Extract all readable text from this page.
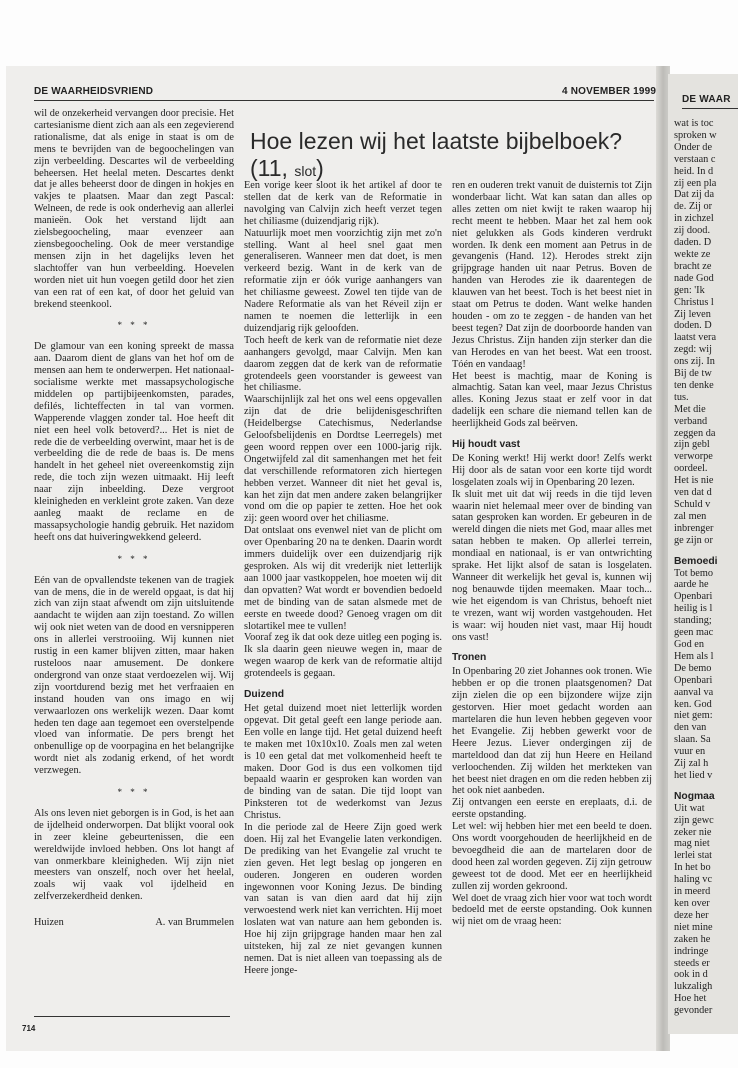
DE WAARHEIDSVRIEND	4 NOVEMBER 1999
Hoe lezen wij het laatste bijbelboek? (11, slot)

wil de onzekerheid vervangen door precisie. Het cartesianisme dient zich aan als een zegevierend rationalisme, dat als enige in staat is om de mens te bevrijden van de begoochelingen van zijn verbeelding. Descartes wil de verbeelding beheersen. Het heelal meten. Descartes denkt dat je alles beheerst door de dingen in hokjes en vakjes te plaatsen. Maar dan zegt Pascal: Welneen, de rede is ook onderhevig aan allerlei manieën. Ook het verstand lijdt aan zielsbegoocheling, maar evenzeer aan ziensbegoocheling. Ook de meer verstandige mensen zijn in het dagelijks leven het slachtoffer van hun verbeelding. Hoevelen worden niet uit hun voegen getild door het zien van een rat of een kat, of door het geluid van brekend steenkool.

* * *

De glamour van een koning spreekt de massa aan. Daarom dient de glans van het hof om de mensen aan hem te onderwerpen. Het nationaal-socialisme werkte met massapsychologische middelen op partijbijeenkomsten, parades, defilés, lichteffecten in tal van vormen. Wapperende vlaggen zonder tal. Hoe heeft dit niet een heel volk betoverd?... Het is niet de rede die de verbeelding overwint, maar het is de verbeelding die de rede de baas is. De mens handelt in het geheel niet overeenkomstig zijn rede, die toch zijn wezen uitmaakt. Hij leeft naar zijn inbeelding. Deze vergroot kleinigheden en verkleint grote zaken. Van deze aanleg maakt de reclame en de massapsychologie handig gebruik. Het nazidom heeft ons dat huiveringwekkend geleerd.

* * *

Eén van de opvallendste tekenen van de tragiek van de mens, die in de wereld opgaat, is dat hij zich van zijn staat afwendt om zijn uitsluitende aandacht te wijden aan zijn toestand. Zo willen wij ook niet weten van de dood en versnipperen ons in allerlei verstrooiing. Wij kunnen niet rustig in een kamer blijven zitten, maar haken rusteloos naar amusement. De donkere ondergrond van onze staat verdoezelen wij. Wij zijn voortdurend bezig met het verfraaien en instand houden van ons imago en wij verwaarlozen ons werkelijk wezen. Daar komt heden ten dage aan tegemoet een overstelpende vloed van informatie. De pers brengt het onbenullige op de voorpagina en het belangrijke wordt niet als zodanig erkend, of het wordt verzwegen.

* * *

Als ons leven niet geborgen is in God, is het aan de ijdelheid onderworpen. Dat blijkt vooral ook in zeer kleine gebeurtenissen, die een wereldwijde invloed hebben. Ons lot hangt af van onmerkbare kleinigheden. Wij zijn niet meesters van onszelf, noch over het heelal, zoals wij vaak vol ijdelheid en zelfverzekerdheid denken.

Huizen	A. van Brummelen

Een vorige keer sloot ik het artikel af door te stellen dat de kerk van de Reformatie in navolging van Calvijn zich heeft verzet tegen het chiliasme (duizendjarig rijk).

Natuurlijk moet men voorzichtig zijn met zo'n stelling. Want al heel snel gaat men generaliseren. Wanneer men dat doet, is men verkeerd bezig. Want in de kerk van de reformatie zijn er óók vurige aanhangers van het chiliasme geweest. Zowel ten tijde van de Nadere Reformatie als van het Réveil zijn er namen te noemen die letterlijk in een duizendjarig rijk geloofden.

Toch heeft de kerk van de reformatie niet deze aanhangers gevolgd, maar Calvijn. Men kan daarom zeggen dat de kerk van de reformatie grotendeels geen voorstander is geweest van het chiliasme.

Waarschijnlijk zal het ons wel eens opgevallen zijn dat de drie belijdenisgeschriften (Heidelbergse Catechismus, Nederlandse Geloofsbelijdenis en Dordtse Leerregels) met geen woord reppen over een 1000-jarig rijk. Ongetwijfeld zal dit samenhangen met het feit dat verschillende reformatoren zich hiertegen hebben verzet. Wanneer dit niet het geval is, kan het zijn dat men andere zaken belangrijker vond om die op papier te zetten. Hoe het ook zij: geen woord over het chiliasme.

Dat ontslaat ons evenwel niet van de plicht om over Openbaring 20 na te denken. Daarin wordt immers duidelijk over een duizendjarig rijk gesproken. Als wij dit vrederijk niet letterlijk aan 1000 jaar vastkoppelen, hoe moeten wij dit dan opvatten? Wat wordt er bovendien bedoeld met de binding van de satan alsmede met de eerste en tweede dood? Genoeg vragen om dit slotartikel mee te vullen!

Vooraf zeg ik dat ook deze uitleg een poging is. Ik sla daarin geen nieuwe wegen in, maar de wegen waarop de kerk van de reformatie altijd grotendeels is gegaan.

Duizend

Het getal duizend moet niet letterlijk worden opgevat. Dit getal geeft een lange periode aan. Een volle en lange tijd. Het getal duizend heeft te maken met 10x10x10. Zoals men zal weten is 10 een getal dat met volkomenheid heeft te maken. Door God is dus een volkomen tijd bepaald waarin er gesproken kan worden van de binding van de satan. Die tijd loopt van Pinksteren tot de wederkomst van Jezus Christus.

In die periode zal de Heere Zijn goed werk doen. Hij zal het Evangelie laten verkondigen. De prediking van het Evangelie zal vrucht te zien geven. Het legt beslag op jongeren en ouderen. Jongeren en ouderen worden ingewonnen voor Koning Jezus. De binding van satan is van dien aard dat hij zijn verwoestend werk niet kan verrichten. Hij moet loslaten wat van nature aan hem gebonden is. Hoe hij zijn grijpgrage handen maar hen zal uitsteken, hij zal ze niet gevangen kunnen nemen. Dat is niet alleen van toepassing als de Heere jonge-

ren en ouderen trekt vanuit de duisternis tot Zijn wonderbaar licht. Wat kan satan dan alles op alles zetten om niet kwijt te raken waarop hij recht meent te hebben. Maar het zal hem ook niet gelukken als Gods kinderen verdrukt worden. Ik denk een moment aan Petrus in de gevangenis (Hand. 12). Herodes strekt zijn grijpgrage handen uit naar Petrus. Boven de handen van Herodes zie ik daarentegen de klauwen van het beest. Toch is het beest niet in staat om Petrus te doden. Want welke handen houden - om zo te zeggen - de handen van het beest tegen? Dat zijn de doorboorde handen van Jezus Christus. Zijn handen zijn sterker dan die van Herodes en van het beest. Wat een troost. Tóén en vandaag!

Het beest is machtig, maar de Koning is almachtig. Satan kan veel, maar Jezus Christus alles. Koning Jezus staat er zelf voor in dat dadelijk een schare die niemand tellen kan de heerlijkheid Gods zal beërven.

Hij houdt vast

De Koning werkt! Hij werkt door! Zelfs werkt Hij door als de satan voor een korte tijd wordt losgelaten zoals wij in Openbaring 20 lezen.

Ik sluit met uit dat wij reeds in die tijd leven waarin niet helemaal meer over de binding van satan gesproken kan worden. Er gebeuren in de wereld dingen die niets met God, maar alles met satan hebben te maken. Op allerlei terrein, mondiaal en nationaal, is er van ontwrichting sprake. Het lijkt alsof de satan is losgelaten. Wanneer dit werkelijk het geval is, kunnen wij nog benauwde tijden meemaken. Maar toch... wie het eigendom is van Christus, behoeft niet te vrezen, want wij worden vastgehouden. Het is waar: wij houden niet vast, maar Hij houdt ons vast!

Tronen

In Openbaring 20 ziet Johannes ook tronen. Wie hebben er op die tronen plaatsgenomen? Dat zijn zielen die op een bijzondere wijze zijn gestorven. Hier moet gedacht worden aan martelaren die hun leven hebben gegeven voor het Evangelie. Zij hebben gewerkt voor de Heere Jezus. Liever ondergingen zij de marteldood dan dat zij hun Heere en Heiland verloochenden. Zij wilden het merkteken van het beest niet dragen en om die reden hebben zij het ook niet aanbeden.

Zij ontvangen een eerste en ereplaats, d.i. de eerste opstanding.

Let wel: wij hebben hier met een beeld te doen. Ons wordt voorgehouden de heerlijkheid en de bevoegdheid die aan de martelaren door de dood heen zal worden gegeven. Zij zijn getrouw geweest tot de dood. Met eer en heerlijkheid zullen zij worden gekroond.

Wel doet de vraag zich hier voor wat toch wordt bedoeld met de eerste opstanding. Ook kunnen wij niet om de vraag heen:

714
DE WAAR
wat is toc
sproken w
Onder de
verstaan c
heid. In d
zij een pla
Dat zij da
de. Zij or
in zichzel
zij dood.
daden. D
wekte ze
bracht ze
nade God
gen: 'Ik
Christus l
Zij leven
doden. D
laatst vera
zegd: wij
ons zij. In
Bij de tw
ten denke
tus.
Met die
verband
zeggen da
zijn gebl
verworpe
oordeel.
Het is nie
ven dat d
Schuld v
zal men
inbrenger
ge zijn or
Bemoedi
Tot bemo
aarde he
Openbari
heilig is l
standing;
geen mac
God en
Hem als l
De bemo
Openbari
aanval va
ken. God
niet gem:
den van
slaan. Sa
vuur en
Zij zal h
het lied v
Nogmaa
Uit wat
zijn gewc
zeker nie
mag niet
lerlei stat
In het bo
haling vc
in meerd
ken over
deze her
niet mine
zaken he
indringe
steeds er
ook in d
lukzaligh
Hoe het
gevonder
